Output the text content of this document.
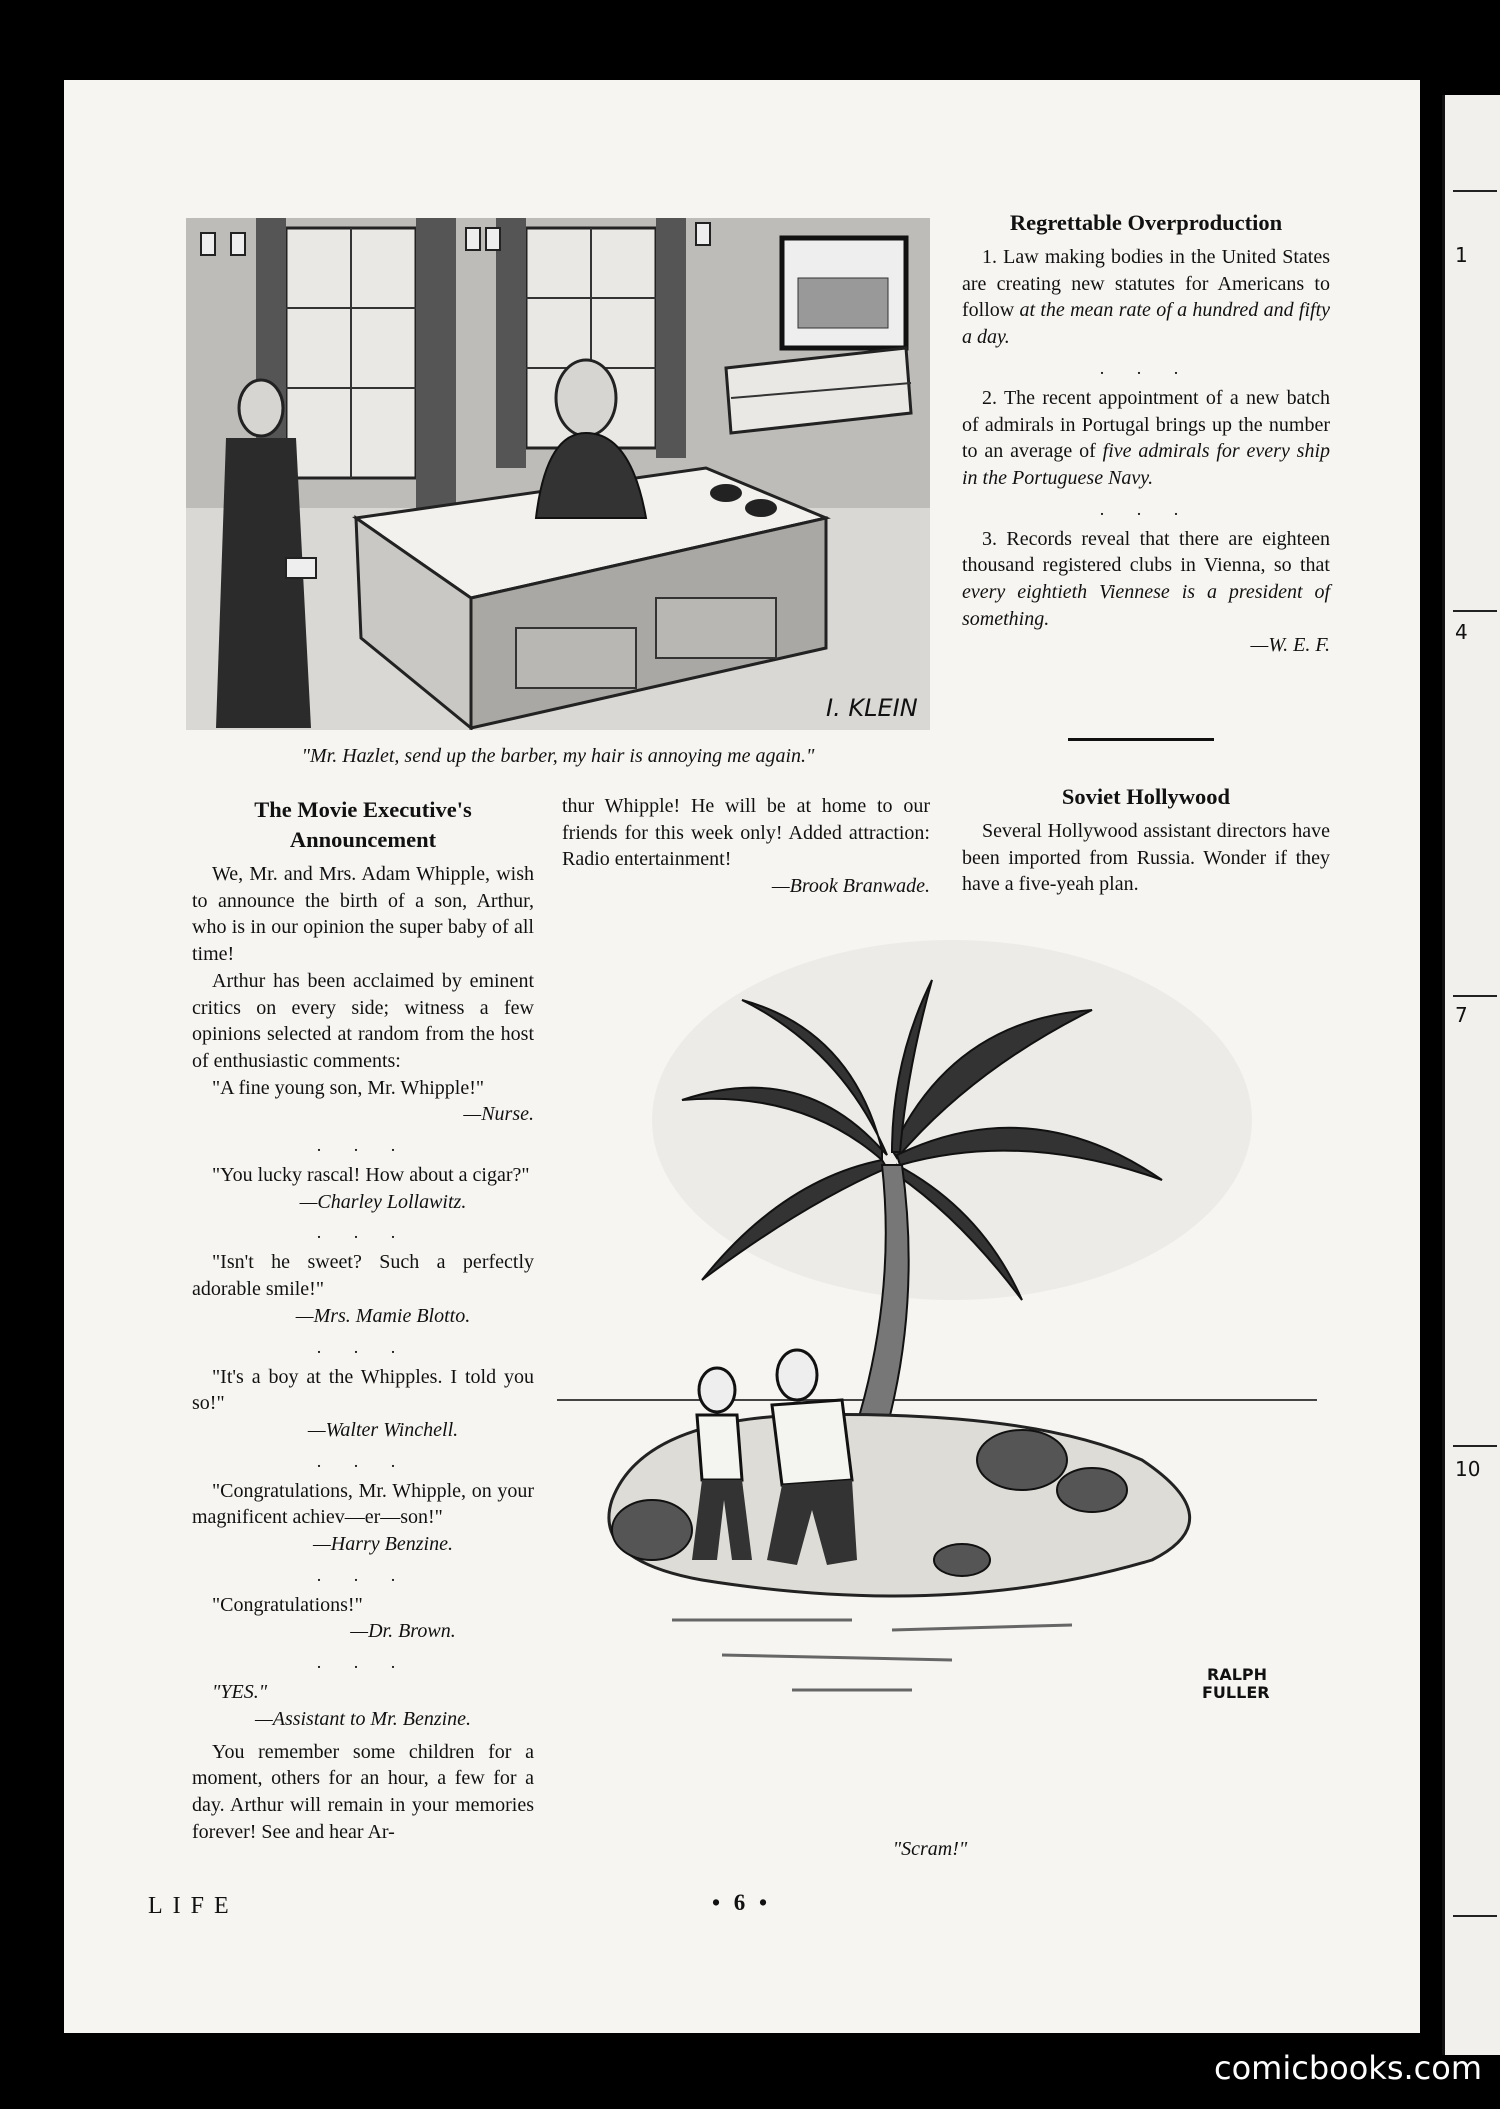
1
4
7
10
I. KLEIN
"Mr. Hazlet, send up the barber, my hair is annoying me again."
Regrettable Overproduction

1. Law making bodies in the United States are creating new statutes for Americans to follow at the mean rate of a hundred and fifty a day.

. . .

2. The recent appointment of a new batch of admirals in Portugal brings up the number to an average of five admirals for every ship in the Portuguese Navy.

. . .

3. Records reveal that there are eighteen thousand registered clubs in Vienna, so that every eightieth Viennese is a president of something.

—W. E. F.
Soviet Hollywood

Several Hollywood assistant directors have been imported from Russia. Wonder if they have a five-yeah plan.

The Movie Executive's
Announcement

We, Mr. and Mrs. Adam Whipple, wish to announce the birth of a son, Arthur, who is in our opinion the super baby of all time!

Arthur has been acclaimed by eminent critics on every side; witness a few opinions selected at random from the host of enthusiastic comments:

"A fine young son, Mr. Whipple!"

—Nurse.
. . .

"You lucky rascal! How about a cigar?"

—Charley Lollawitz.
. . .

"Isn't he sweet? Such a perfectly adorable smile!"

—Mrs. Mamie Blotto.
. . .

"It's a boy at the Whipples. I told you so!"

—Walter Winchell.
. . .

"Congratulations, Mr. Whipple, on your magnificent achiev—er—son!"

—Harry Benzine.
. . .

"Congratulations!"

—Dr. Brown.
. . .

"YES."

—Assistant to Mr. Benzine.

You remember some children for a moment, others for an hour, a few for a day. Arthur will remain in your memories forever! See and hear Ar-

thur Whipple! He will be at home to our friends for this week only! Added attraction: Radio entertainment!

—Brook Branwade.
RALPH
FULLER
"Scram!"
LIFE	• 6 •
comicbooks.com
